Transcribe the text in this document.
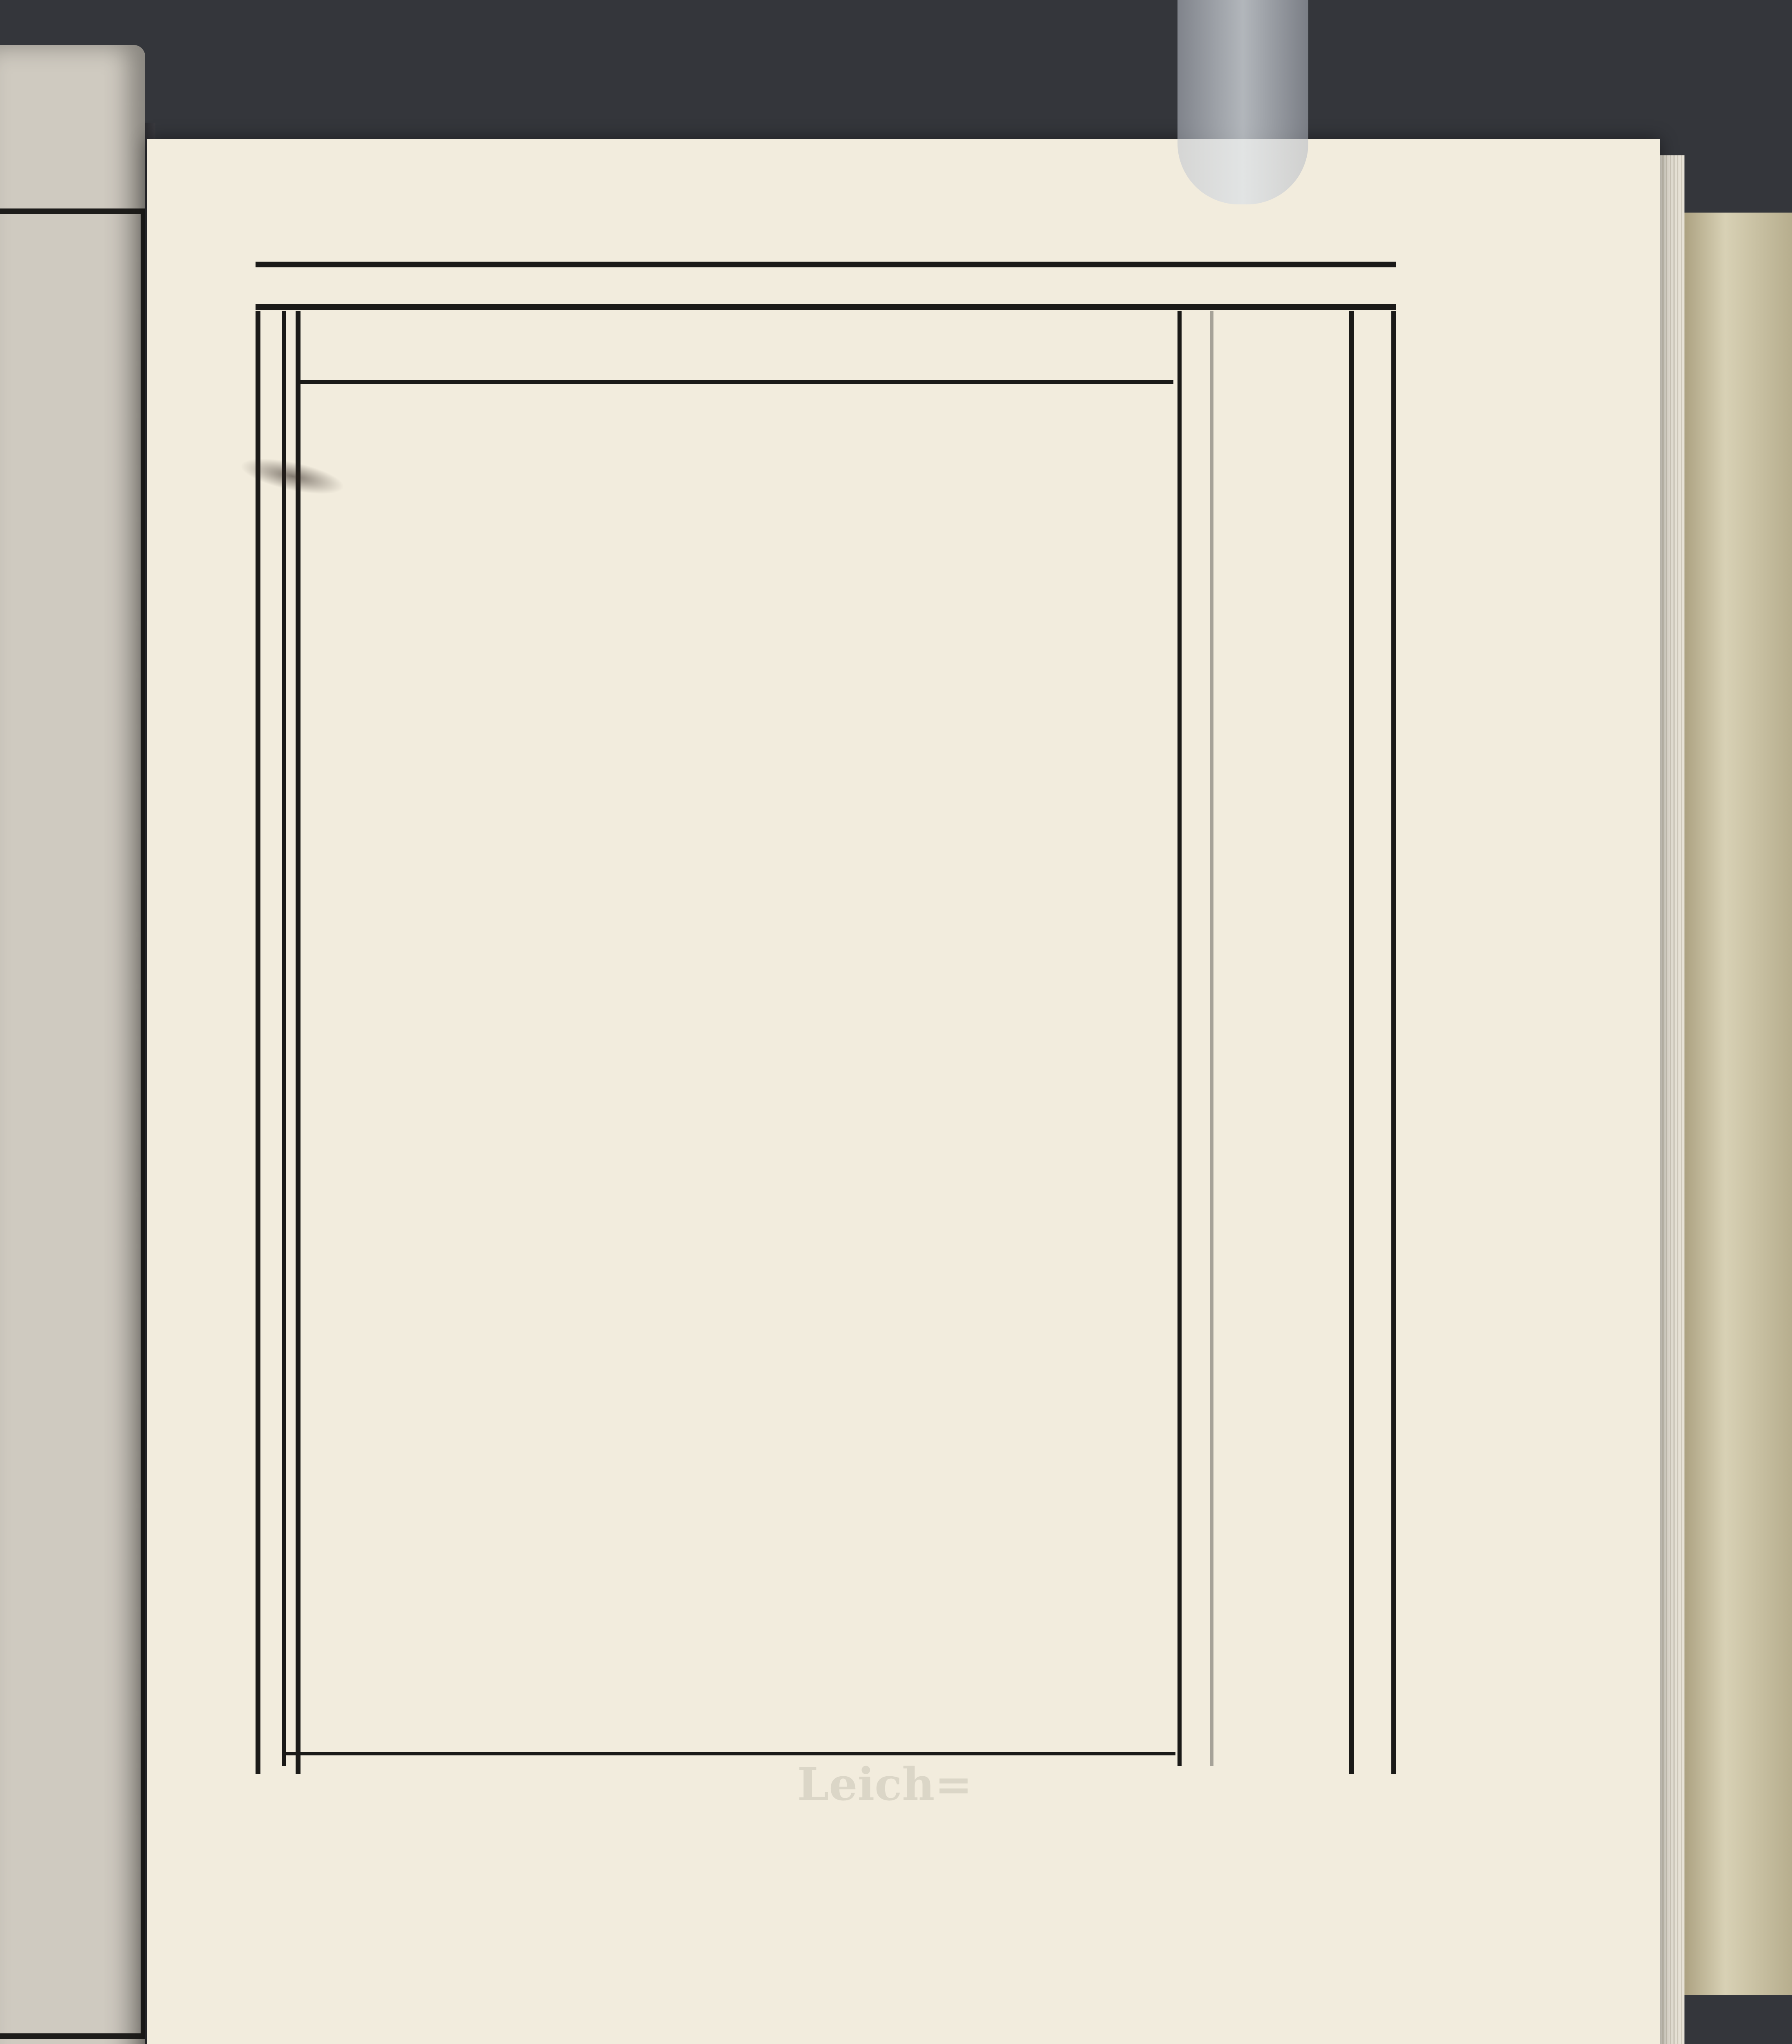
Leich=
